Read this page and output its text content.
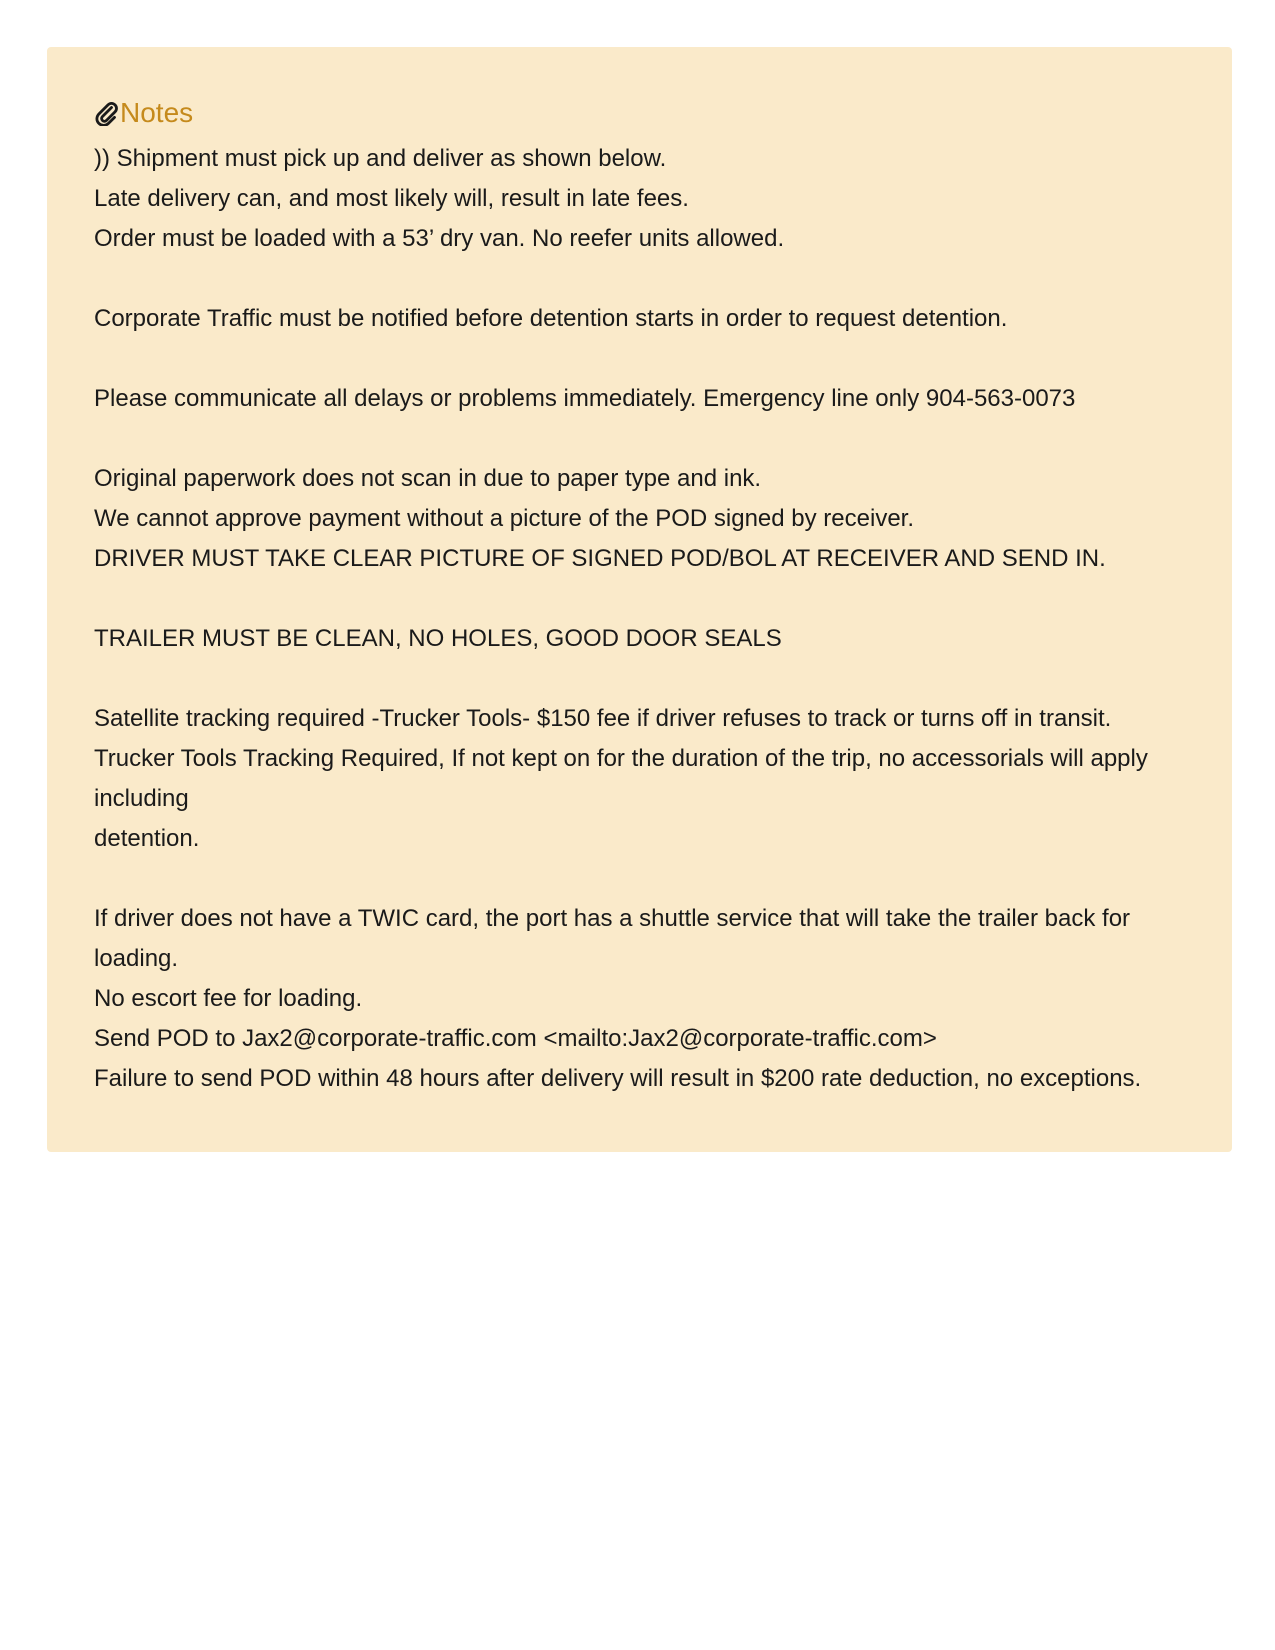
Notes
)) Shipment must pick up and deliver as shown below.
Late delivery can, and most likely will, result in late fees.
Order must be loaded with a 53’ dry van. No reefer units allowed.
Corporate Traffic must be notified before detention starts in order to request detention.
Please communicate all delays or problems immediately. Emergency line only 904-563-0073
Original paperwork does not scan in due to paper type and ink.
We cannot approve payment without a picture of the POD signed by receiver.
DRIVER MUST TAKE CLEAR PICTURE OF SIGNED POD/BOL AT RECEIVER AND SEND IN.
TRAILER MUST BE CLEAN, NO HOLES, GOOD DOOR SEALS
Satellite tracking required -Trucker Tools- $150 fee if driver refuses to track or turns off in transit.
Trucker Tools Tracking Required, If not kept on for the duration of the trip, no accessorials will apply including
detention.
If driver does not have a TWIC card, the port has a shuttle service that will take the trailer back for loading.
No escort fee for loading.
Send POD to Jax2@corporate-traffic.com <mailto:Jax2@corporate-traffic.com>
Failure to send POD within 48 hours after delivery will result in $200 rate deduction, no exceptions.
